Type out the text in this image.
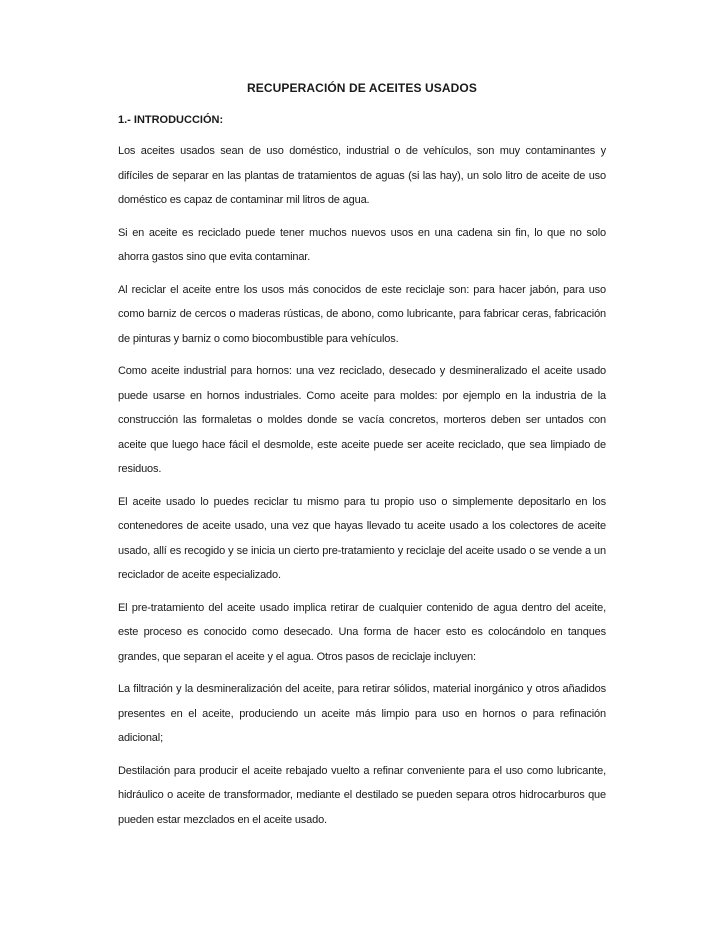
RECUPERACIÓN DE ACEITES USADOS
1.- INTRODUCCIÓN:

Los aceites usados sean de uso doméstico, industrial o de vehículos, son muy contaminantes y difíciles de separar en las plantas de tratamientos de aguas (si las hay), un solo litro de aceite de uso doméstico es capaz de contaminar mil litros de agua.

Si en aceite es reciclado puede tener muchos nuevos usos en una cadena sin fin, lo que no solo ahorra gastos sino que evita contaminar.

Al reciclar el aceite entre los usos más conocidos de este reciclaje son: para hacer jabón, para uso como barniz de cercos o maderas rústicas, de abono, como lubricante, para fabricar ceras, fabricación de pinturas y barniz o como biocombustible para vehículos.

Como aceite industrial para hornos: una vez reciclado, desecado y desmineralizado el aceite usado puede usarse en hornos industriales. Como aceite para moldes: por ejemplo en la industria de la construcción las formaletas o moldes donde se vacía concretos, morteros deben ser untados con aceite que luego hace fácil el desmolde, este aceite puede ser aceite reciclado, que sea limpiado de residuos.

El aceite usado lo puedes reciclar tu mismo para tu propio uso o simplemente depositarlo en los contenedores de aceite usado, una vez que hayas llevado tu aceite usado a los colectores de aceite usado, allí es recogido y se inicia un cierto pre-tratamiento y reciclaje del aceite usado o se vende a un reciclador de aceite especializado.

El pre-tratamiento del aceite usado implica retirar de cualquier contenido de agua dentro del aceite, este proceso es conocido como desecado. Una forma de hacer esto es colocándolo en tanques grandes, que separan el aceite y el agua. Otros pasos de reciclaje incluyen:

La filtración y la desmineralización del aceite, para retirar sólidos, material inorgánico y otros añadidos presentes en el aceite, produciendo un aceite más limpio para uso en hornos o para refinación adicional;

Destilación para producir el aceite rebajado vuelto a refinar conveniente para el uso como lubricante, hidráulico o aceite de transformador, mediante el destilado se pueden separa otros hidrocarburos que pueden estar mezclados en el aceite usado.
